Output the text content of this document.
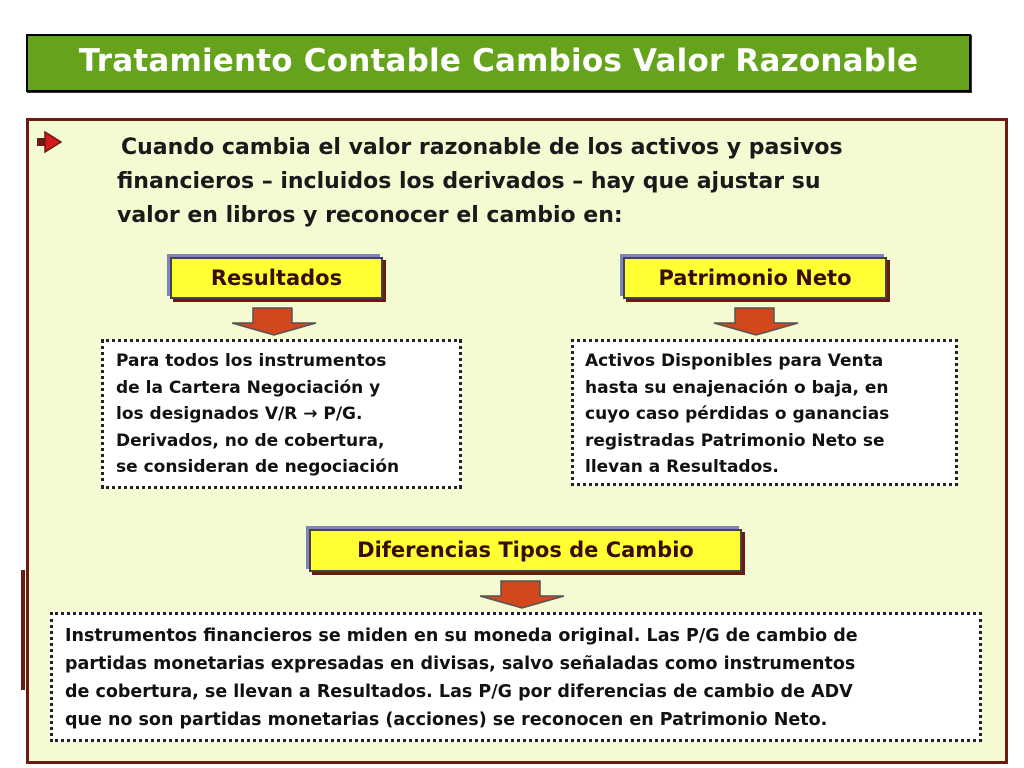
Tratamiento Contable Cambios Valor Razonable
Cuando cambia el valor razonable de los activos y pasivos
financieros – incluidos los derivados – hay que ajustar su
valor en libros y reconocer el cambio en:
Resultados	Patrimonio Neto
Para todos los instrumentos
de la Cartera Negociación y
los designados V/R → P/G.
Derivados, no de cobertura,
se consideran de negociación
Activos Disponibles para Venta
hasta su enajenación o baja, en
cuyo caso pérdidas o ganancias
registradas Patrimonio Neto se
llevan a Resultados.
Diferencias Tipos de Cambio
Instrumentos financieros se miden en su moneda original. Las P/G de cambio de
partidas monetarias expresadas en divisas, salvo señaladas como instrumentos
de cobertura, se llevan a Resultados. Las P/G por diferencias de cambio de ADV
que no son partidas monetarias (acciones) se reconocen en Patrimonio Neto.
